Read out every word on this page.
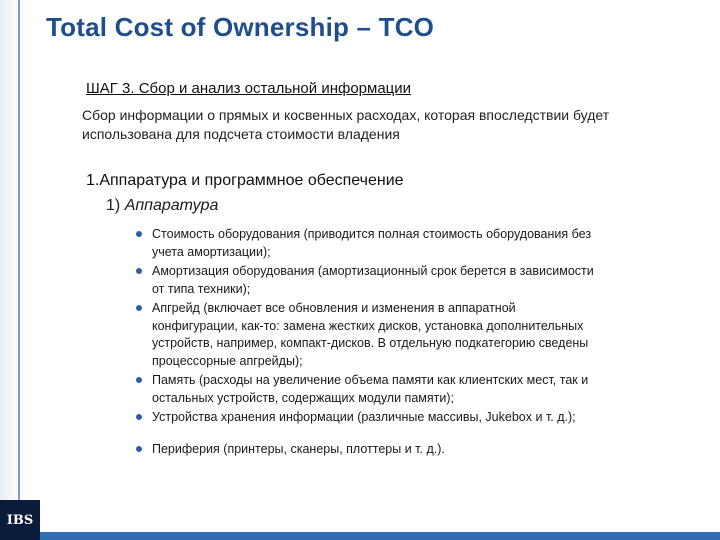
Total Cost of Ownership – TCO
ШАГ 3. Сбор и анализ остальной информации
Сбор информации о прямых и косвенных расходах, которая впоследствии будет использована для подсчета стоимости владения
1.Аппаратура и программное обеспечение
1) Аппаратура
Стоимость оборудования (приводится полная стоимость оборудования без учета амортизации);
Амортизация оборудования (амортизационный срок берется в зависимости от типа техники);
Апгрейд (включает все обновления и изменения в аппаратной конфигурации, как-то: замена жестких дисков, установка дополнительных устройств, например, компакт-дисков. В отдельную подкатегорию сведены процессорные апгрейды);
Память (расходы на увеличение объема памяти как клиентских мест, так и остальных устройств, содержащих модули памяти);
Устройства хранения информации (различные массивы, Jukebox и т. д.);
Периферия (принтеры, сканеры, плоттеры и т. д.).
IBS
